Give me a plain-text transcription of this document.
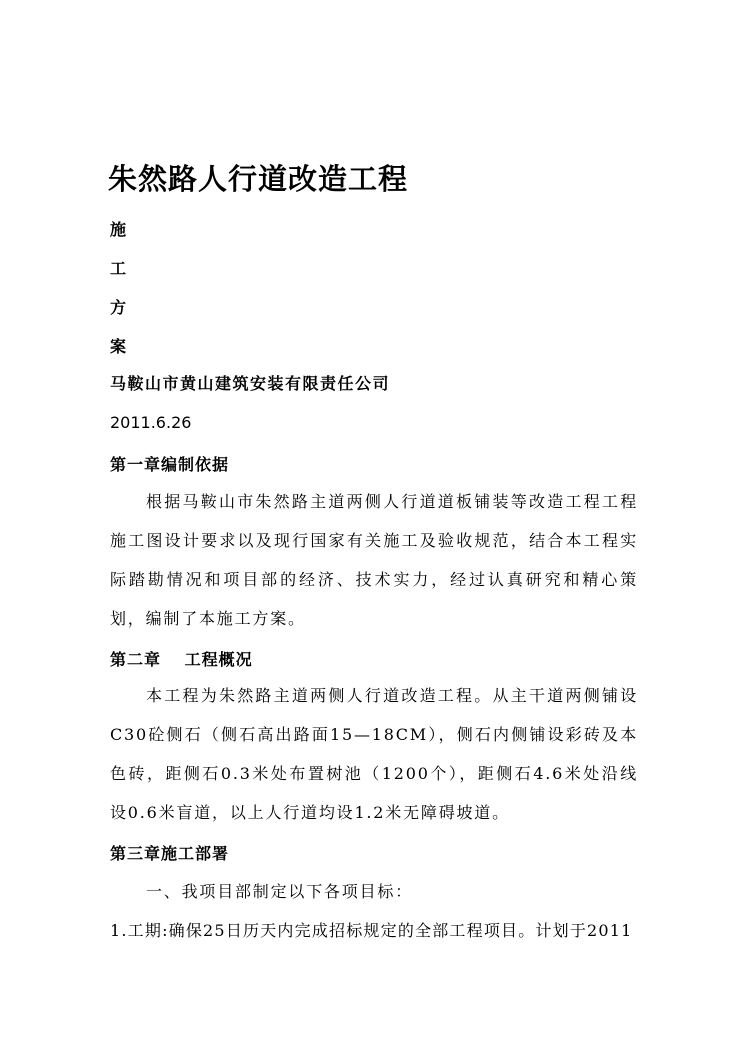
朱然路人行道改造工程
施
工
方
案
马鞍山市黄山建筑安装有限责任公司
2011.6.26
第一章编制依据
根据马鞍山市朱然路主道两侧人行道道板铺装等改造工程工程施工图设计要求以及现行国家有关施工及验收规范，结合本工程实际踏勘情况和项目部的经济、技术实力，经过认真研究和精心策划，编制了本施工方案。
第二章　 工程概况
本工程为朱然路主道两侧人行道改造工程。从主干道两侧铺设C30砼侧石（侧石高出路面15—18CM），侧石内侧铺设彩砖及本色砖，距侧石0.3米处布置树池（1200个），距侧石4.6米处沿线设0.6米盲道，以上人行道均设1.2米无障碍坡道。
第三章施工部署
一、我项目部制定以下各项目标：
1.工期:确保25日历天内完成招标规定的全部工程项目。计划于2011
